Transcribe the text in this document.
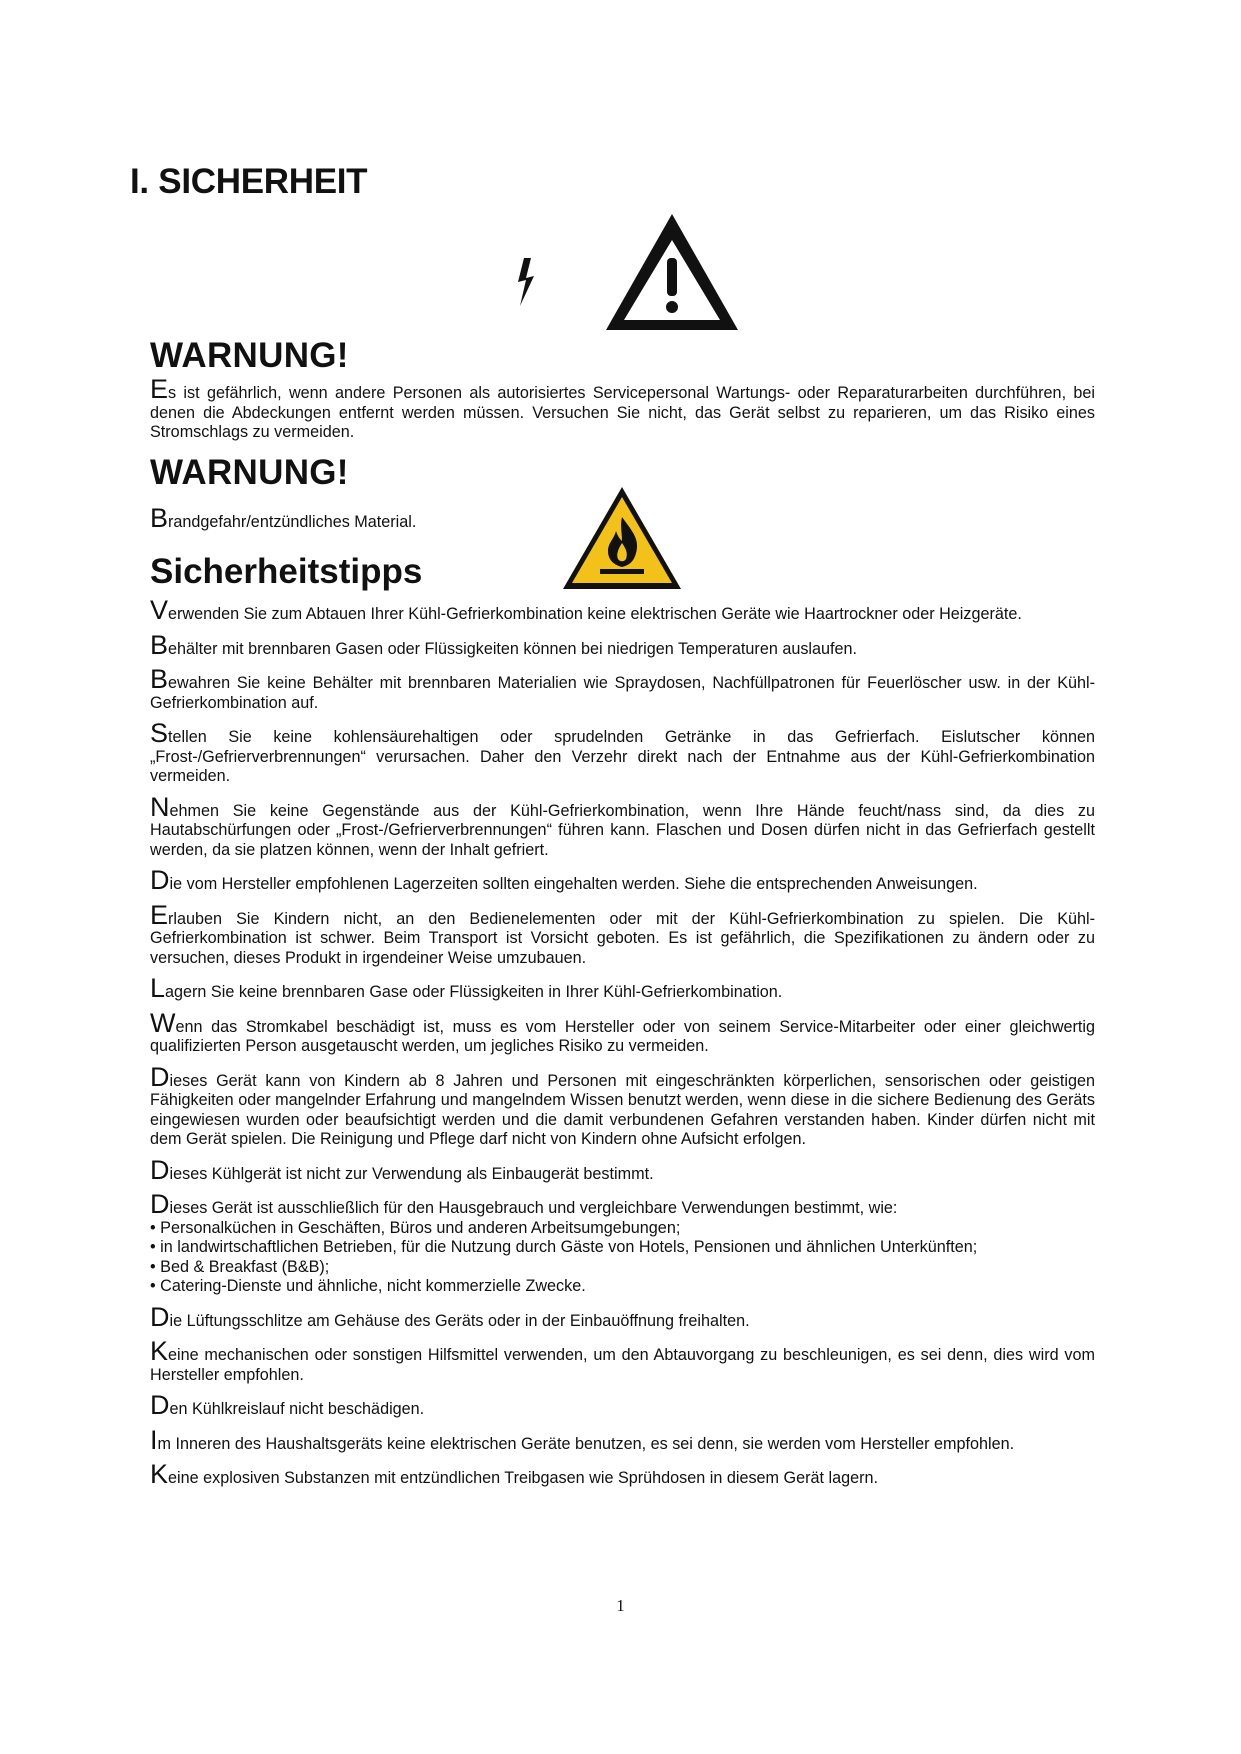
I. SICHERHEIT
WARNUNG!

Es ist gefährlich, wenn andere Personen als autorisiertes Servicepersonal Wartungs- oder Reparaturarbeiten durchführen, bei denen die Abdeckungen entfernt werden müssen. Versuchen Sie nicht, das Gerät selbst zu reparieren, um das Risiko eines Stromschlags zu vermeiden.

WARNUNG!

Brandgefahr/entzündliches Material.

Sicherheitstipps
Verwenden Sie zum Abtauen Ihrer Kühl-Gefrierkombination keine elektrischen Geräte wie Haartrockner oder Heizgeräte.
Behälter mit brennbaren Gasen oder Flüssigkeiten können bei niedrigen Temperaturen auslaufen.
Bewahren Sie keine Behälter mit brennbaren Materialien wie Spraydosen, Nachfüllpatronen für Feuerlöscher usw. in der Kühl-Gefrierkombination auf.
Stellen Sie keine kohlensäurehaltigen oder sprudelnden Getränke in das Gefrierfach. Eislutscher können „Frost-/Gefrierverbrennungen“ verursachen. Daher den Verzehr direkt nach der Entnahme aus der Kühl-Gefrierkombination vermeiden.
Nehmen Sie keine Gegenstände aus der Kühl-Gefrierkombination, wenn Ihre Hände feucht/nass sind, da dies zu Hautabschürfungen oder „Frost-/Gefrierverbrennungen“ führen kann. Flaschen und Dosen dürfen nicht in das Gefrierfach gestellt werden, da sie platzen können, wenn der Inhalt gefriert.
Die vom Hersteller empfohlenen Lagerzeiten sollten eingehalten werden. Siehe die entsprechenden Anweisungen.
Erlauben Sie Kindern nicht, an den Bedienelementen oder mit der Kühl-Gefrierkombination zu spielen. Die Kühl-Gefrierkombination ist schwer. Beim Transport ist Vorsicht geboten. Es ist gefährlich, die Spezifikationen zu ändern oder zu versuchen, dieses Produkt in irgendeiner Weise umzubauen.
Lagern Sie keine brennbaren Gase oder Flüssigkeiten in Ihrer Kühl-Gefrierkombination.
Wenn das Stromkabel beschädigt ist, muss es vom Hersteller oder von seinem Service-Mitarbeiter oder einer gleichwertig qualifizierten Person ausgetauscht werden, um jegliches Risiko zu vermeiden.
Dieses Gerät kann von Kindern ab 8 Jahren und Personen mit eingeschränkten körperlichen, sensorischen oder geistigen Fähigkeiten oder mangelnder Erfahrung und mangelndem Wissen benutzt werden, wenn diese in die sichere Bedienung des Geräts eingewiesen wurden oder beaufsichtigt werden und die damit verbundenen Gefahren verstanden haben. Kinder dürfen nicht mit dem Gerät spielen. Die Reinigung und Pflege darf nicht von Kindern ohne Aufsicht erfolgen.
Dieses Kühlgerät ist nicht zur Verwendung als Einbaugerät bestimmt.
Dieses Gerät ist ausschließlich für den Hausgebrauch und vergleichbare Verwendungen bestimmt, wie:
• Personalküchen in Geschäften, Büros und anderen Arbeitsumgebungen;
• in landwirtschaftlichen Betrieben, für die Nutzung durch Gäste von Hotels, Pensionen und ähnlichen Unterkünften;
• Bed & Breakfast (B&B);
• Catering-Dienste und ähnliche, nicht kommerzielle Zwecke.
Die Lüftungsschlitze am Gehäuse des Geräts oder in der Einbauöffnung freihalten.
Keine mechanischen oder sonstigen Hilfsmittel verwenden, um den Abtauvorgang zu beschleunigen, es sei denn, dies wird vom Hersteller empfohlen.
Den Kühlkreislauf nicht beschädigen.
Im Inneren des Haushaltsgeräts keine elektrischen Geräte benutzen, es sei denn, sie werden vom Hersteller empfohlen.
Keine explosiven Substanzen mit entzündlichen Treibgasen wie Sprühdosen in diesem Gerät lagern.
1
